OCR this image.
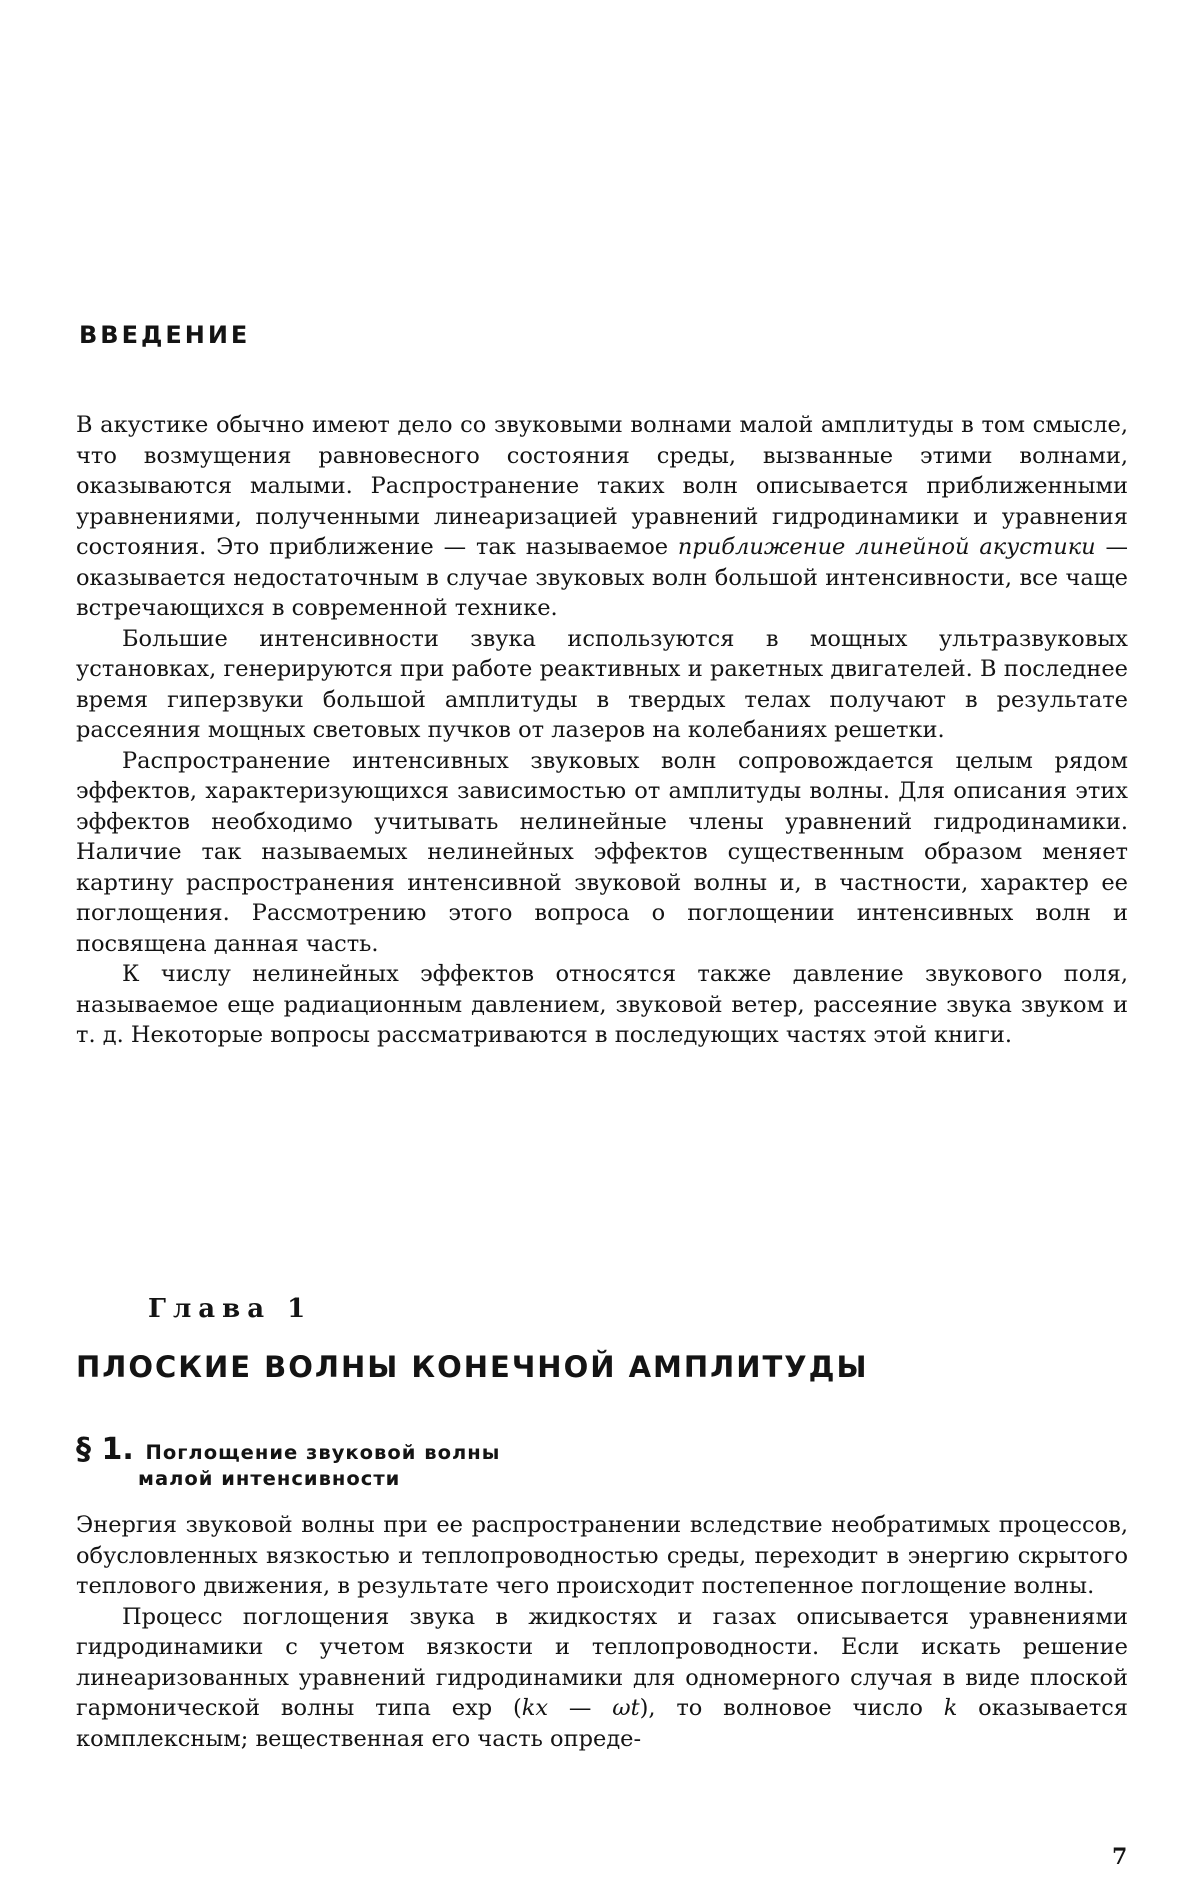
ВВЕДЕНИЕ

В акустике обычно имеют дело со звуковыми волнами малой амплитуды в том смысле, что возмущения равновесного состояния среды, вызванные этими волнами, оказываются малыми. Распространение таких волн описывается приближенными уравнениями, полученными линеаризацией уравнений гидродинамики и уравнения состояния. Это приближение — так называемое приближение линейной акустики — оказывается недостаточным в случае звуковых волн большой интенсивности, все чаще встречающихся в современной технике.

Большие интенсивности звука используются в мощных ультразвуковых установках, генерируются при работе реактивных и ракетных двигателей. В последнее время гиперзвуки большой амплитуды в твердых телах получают в результате рассеяния мощных световых пучков от лазеров на колебаниях решетки.

Распространение интенсивных звуковых волн сопровождается целым рядом эффектов, характеризующихся зависимостью от амплитуды волны. Для описания этих эффектов необходимо учитывать нелинейные члены уравнений гидродинамики. Наличие так называемых нелинейных эффектов существенным образом меняет картину распространения интенсивной звуковой волны и, в частности, характер ее поглощения. Рассмотрению этого вопроса о поглощении интенсивных волн и посвящена данная часть.

К числу нелинейных эффектов относятся также давление звукового поля, называемое еще радиационным давлением, звуковой ветер, рассеяние звука звуком и т. д. Некоторые вопросы рассматриваются в последующих частях этой книги.

Глава 1
ПЛОСКИЕ ВОЛНЫ КОНЕЧНОЙ АМПЛИТУДЫ
§ 1. Поглощение звуковой волны
малой интенсивности

Энергия звуковой волны при ее распространении вследствие необратимых процессов, обусловленных вязкостью и теплопроводностью среды, переходит в энергию скрытого теплового движения, в результате чего происходит постепенное поглощение волны.

Процесс поглощения звука в жидкостях и газах описывается уравнениями гидродинамики с учетом вязкости и теплопроводности. Если искать решение линеаризованных уравнений гидродинамики для одномерного случая в виде плоской гармонической волны типа exp (kx — ωt), то волновое число k оказывается комплексным; вещественная его часть опреде-

7
